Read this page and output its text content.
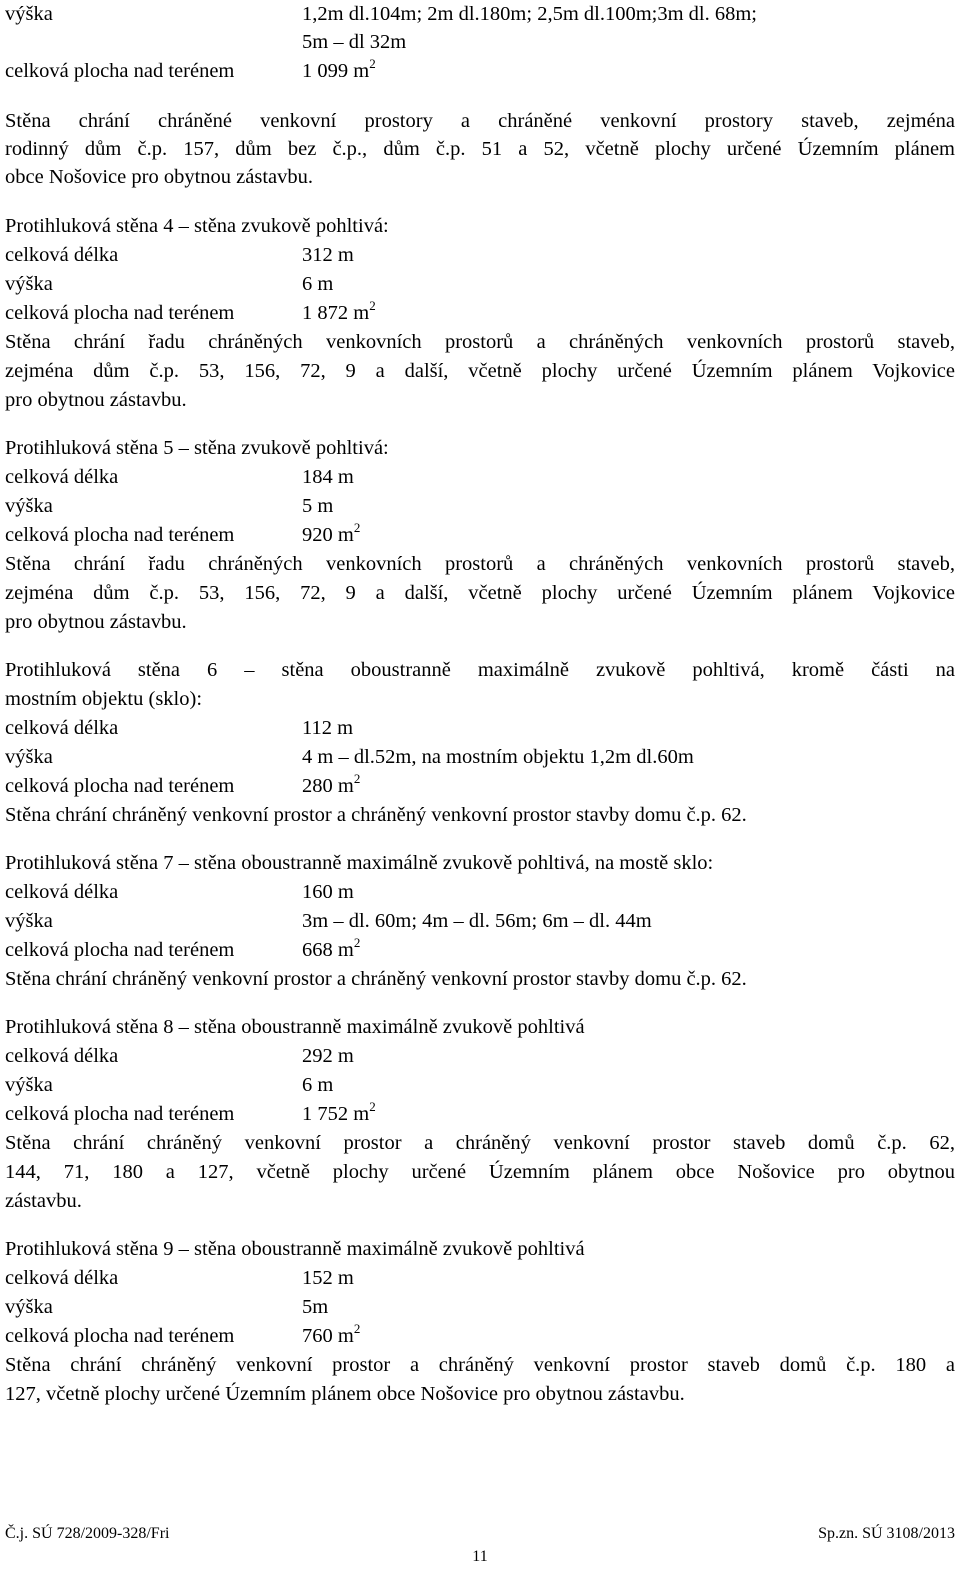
výška	1,2m dl.104m; 2m dl.180m; 2,5m dl.100m;3m dl. 68m;
5m – dl 32m
celková plocha nad terénem	1 099 $m^2$
Stěna chrání chráněné venkovní prostory a chráněné venkovní prostory staveb, zejména
rodinný dům č.p. 157, dům bez č.p., dům č.p. 51 a 52, včetně plochy určené Územním plánem
obce Nošovice pro obytnou zástavbu.
Protihluková stěna 4 – stěna zvukově pohltivá:
celková délka	312 m
výška	6 m
celková plocha nad terénem	1 872 $m^2$
Stěna chrání řadu chráněných venkovních prostorů a chráněných venkovních prostorů staveb,
zejména dům č.p. 53, 156, 72, 9 a další, včetně plochy určené Územním plánem Vojkovice
pro obytnou zástavbu.
Protihluková stěna 5 – stěna zvukově pohltivá:
celková délka	184 m
výška	5 m
celková plocha nad terénem	920 $m^2$
Stěna chrání řadu chráněných venkovních prostorů a chráněných venkovních prostorů staveb,
zejména dům č.p. 53, 156, 72, 9 a další, včetně plochy určené Územním plánem Vojkovice
pro obytnou zástavbu.
Protihluková stěna 6 – stěna oboustranně maximálně zvukově pohltivá, kromě části na
mostním objektu (sklo):
celková délka	112 m
výška	4 m – dl.52m, na mostním objektu 1,2m dl.60m
celková plocha nad terénem	280 $m^2$
Stěna chrání chráněný venkovní prostor a chráněný venkovní prostor stavby domu č.p. 62.
Protihluková stěna 7 – stěna oboustranně maximálně zvukově pohltivá, na mostě sklo:
celková délka	160 m
výška	3m – dl. 60m; 4m – dl. 56m; 6m – dl. 44m
celková plocha nad terénem	668 $m^2$
Stěna chrání chráněný venkovní prostor a chráněný venkovní prostor stavby domu č.p. 62.
Protihluková stěna 8 – stěna oboustranně maximálně zvukově pohltivá
celková délka	292 m
výška	6 m
celková plocha nad terénem	1 752 $m^2$
Stěna chrání chráněný venkovní prostor a chráněný venkovní prostor staveb domů č.p. 62,
144, 71, 180 a 127, včetně plochy určené Územním plánem obce Nošovice pro obytnou
zástavbu.
Protihluková stěna 9 – stěna oboustranně maximálně zvukově pohltivá
celková délka	152 m
výška	5m
celková plocha nad terénem	760 $m^2$
Stěna chrání chráněný venkovní prostor a chráněný venkovní prostor staveb domů č.p. 180 a
127, včetně plochy určené Územním plánem obce Nošovice pro obytnou zástavbu.
Č.j. SÚ 728/2009-328/Fri	Sp.zn. SÚ 3108/2013
11
